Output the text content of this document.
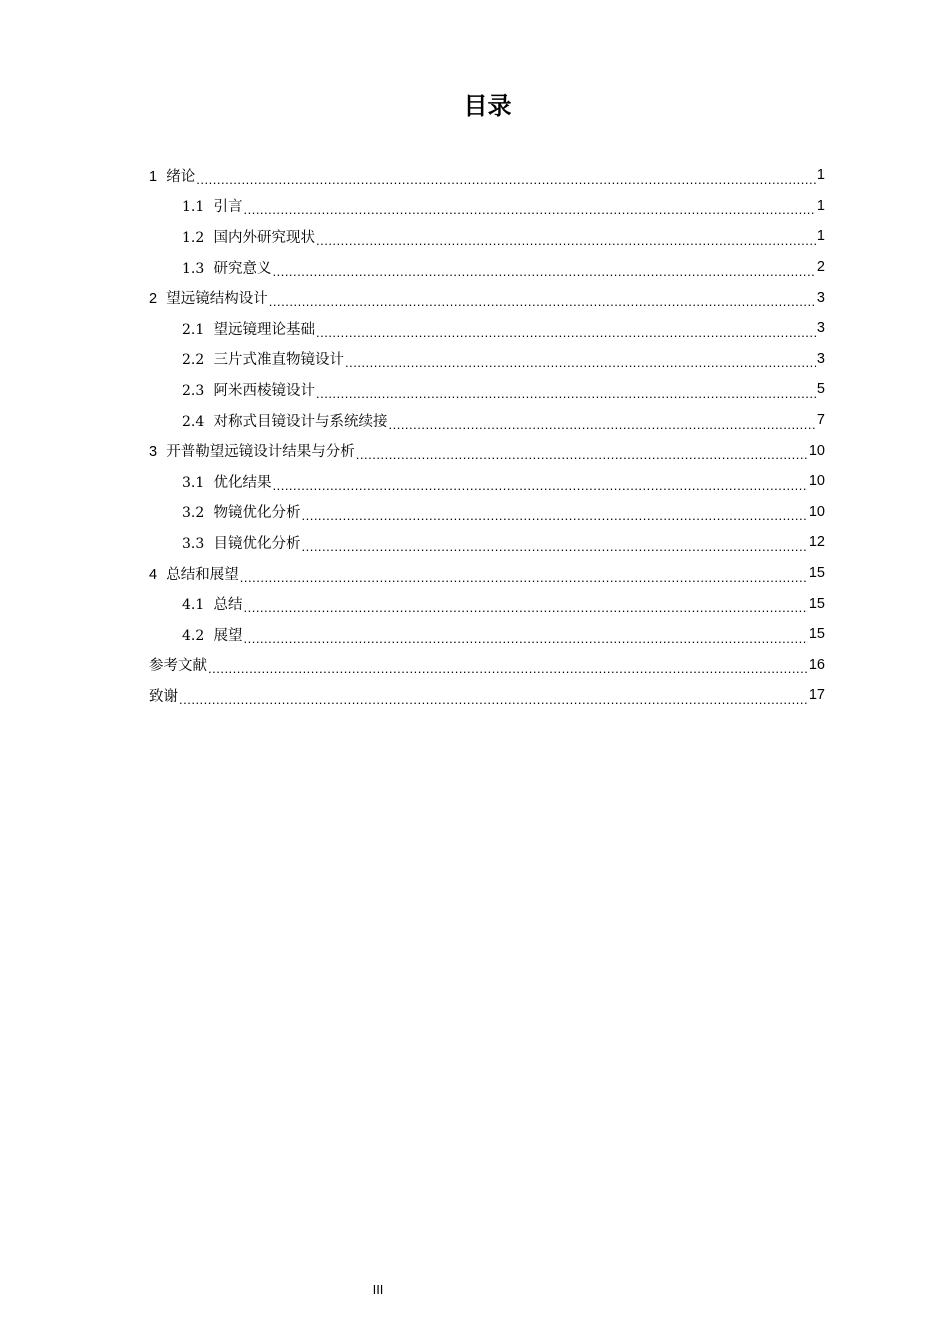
目录
1 绪论 .....	1
1.1 引言 .....	1
1.2 国内外研究现状 .....	1
1.3 研究意义 .....	2
2 望远镜结构设计 .....	3
2.1 望远镜理论基础 .....	3
2.2 三片式准直物镜设计 .....	3
2.3 阿米西棱镜设计 .....	5
2.4 对称式目镜设计与系统续接 .....	7
3 开普勒望远镜设计结果与分析 .....	10
3.1 优化结果 .....	10
3.2 物镜优化分析 .....	10
3.3 目镜优化分析 .....	12
4 总结和展望 .....	15
4.1 总结 .....	15
4.2 展望 .....	15
参考文献 .....	16
致谢 .....	17
III
